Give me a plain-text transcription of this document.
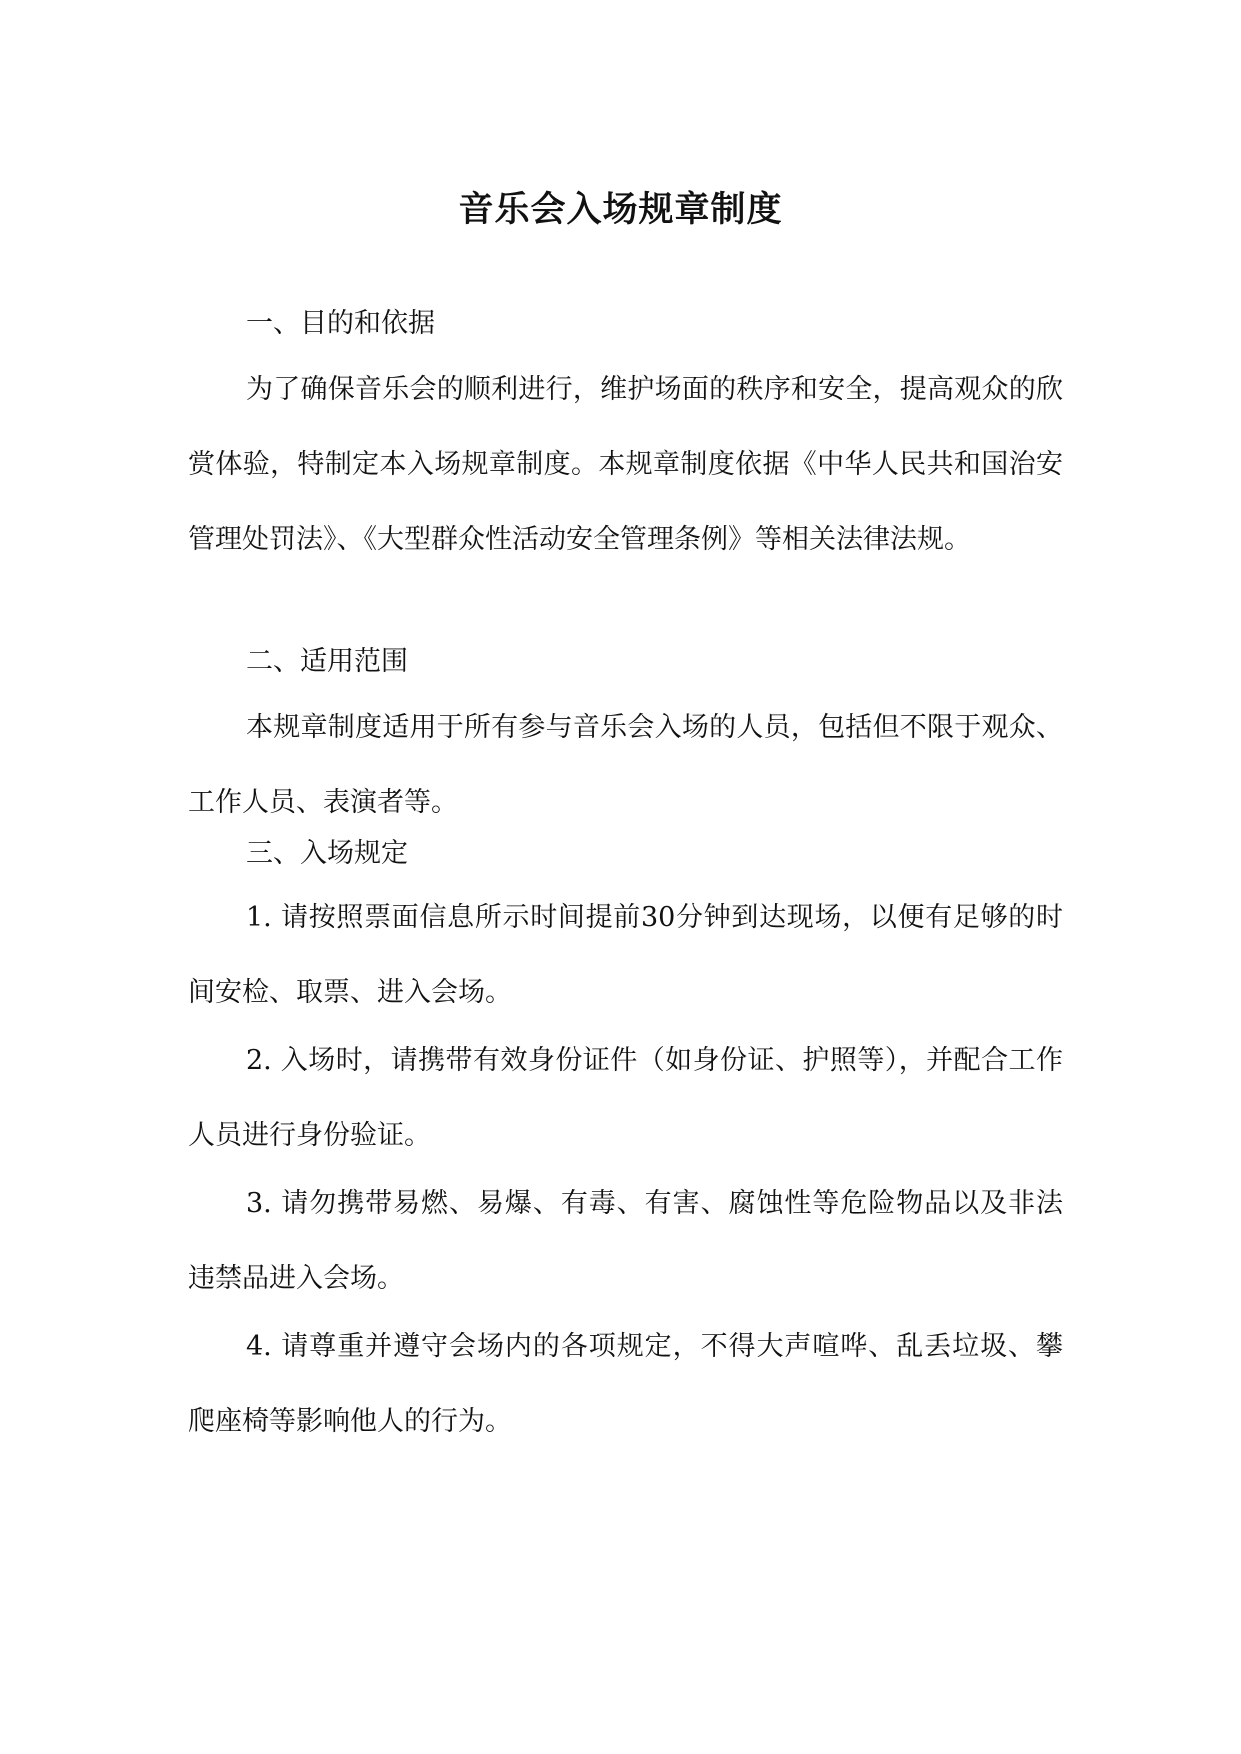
音乐会入场规章制度

一、目的和依据

为了确保音乐会的顺利进行，维护场面的秩序和安全，提高观众的欣赏体验，特制定本入场规章制度。本规章制度依据《中华人民共和国治安管理处罚法》、《大型群众性活动安全管理条例》等相关法律法规。

二、适用范围

本规章制度适用于所有参与音乐会入场的人员，包括但不限于观众、工作人员、表演者等。

三、入场规定

1. 请按照票面信息所示时间提前30分钟到达现场，以便有足够的时间安检、取票、进入会场。

2. 入场时，请携带有效身份证件（如身份证、护照等），并配合工作人员进行身份验证。

3. 请勿携带易燃、易爆、有毒、有害、腐蚀性等危险物品以及非法违禁品进入会场。

4. 请尊重并遵守会场内的各项规定，不得大声喧哗、乱丢垃圾、攀爬座椅等影响他人的行为。
